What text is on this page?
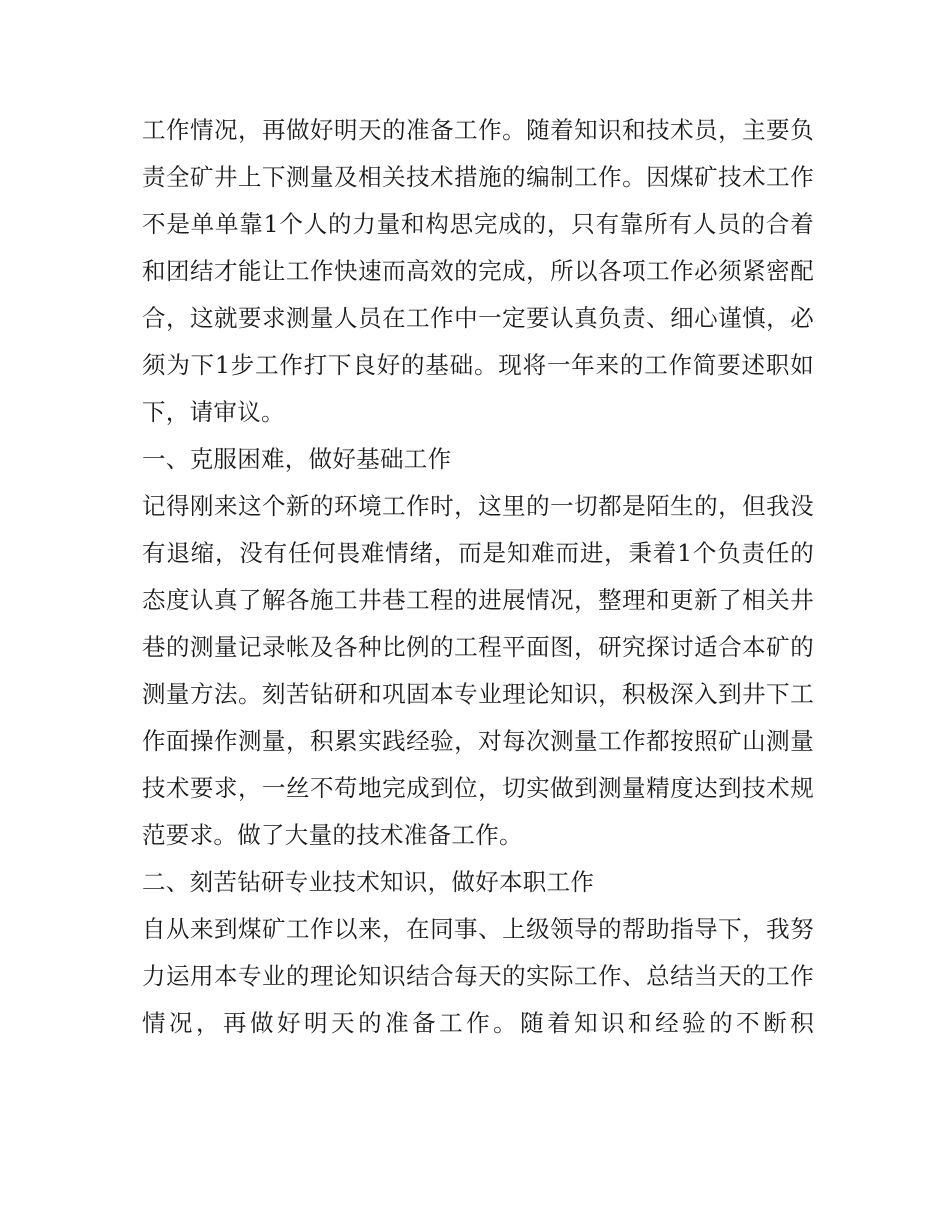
工作情况，再做好明天的准备工作。随着知识和技术员，主要负责全矿井上下测量及相关技术措施的编制工作。因煤矿技术工作不是单单靠1个人的力量和构思完成的，只有靠所有人员的合着和团结才能让工作快速而高效的完成，所以各项工作必须紧密配合，这就要求测量人员在工作中一定要认真负责、细心谨慎，必须为下1步工作打下良好的基础。现将一年来的工作简要述职如下，请审议。

一、克服困难，做好基础工作

记得刚来这个新的环境工作时，这里的一切都是陌生的，但我没有退缩，没有任何畏难情绪，而是知难而进，秉着1个负责任的态度认真了解各施工井巷工程的进展情况，整理和更新了相关井巷的测量记录帐及各种比例的工程平面图，研究探讨适合本矿的测量方法。刻苦钻研和巩固本专业理论知识，积极深入到井下工作面操作测量，积累实践经验，对每次测量工作都按照矿山测量技术要求，一丝不苟地完成到位，切实做到测量精度达到技术规范要求。做了大量的技术准备工作。

二、刻苦钻研专业技术知识，做好本职工作

自从来到煤矿工作以来，在同事、上级领导的帮助指导下，我努力运用本专业的理论知识结合每天的实际工作、总结当天的工作情况，再做好明天的准备工作。随着知识和经验的不断积
